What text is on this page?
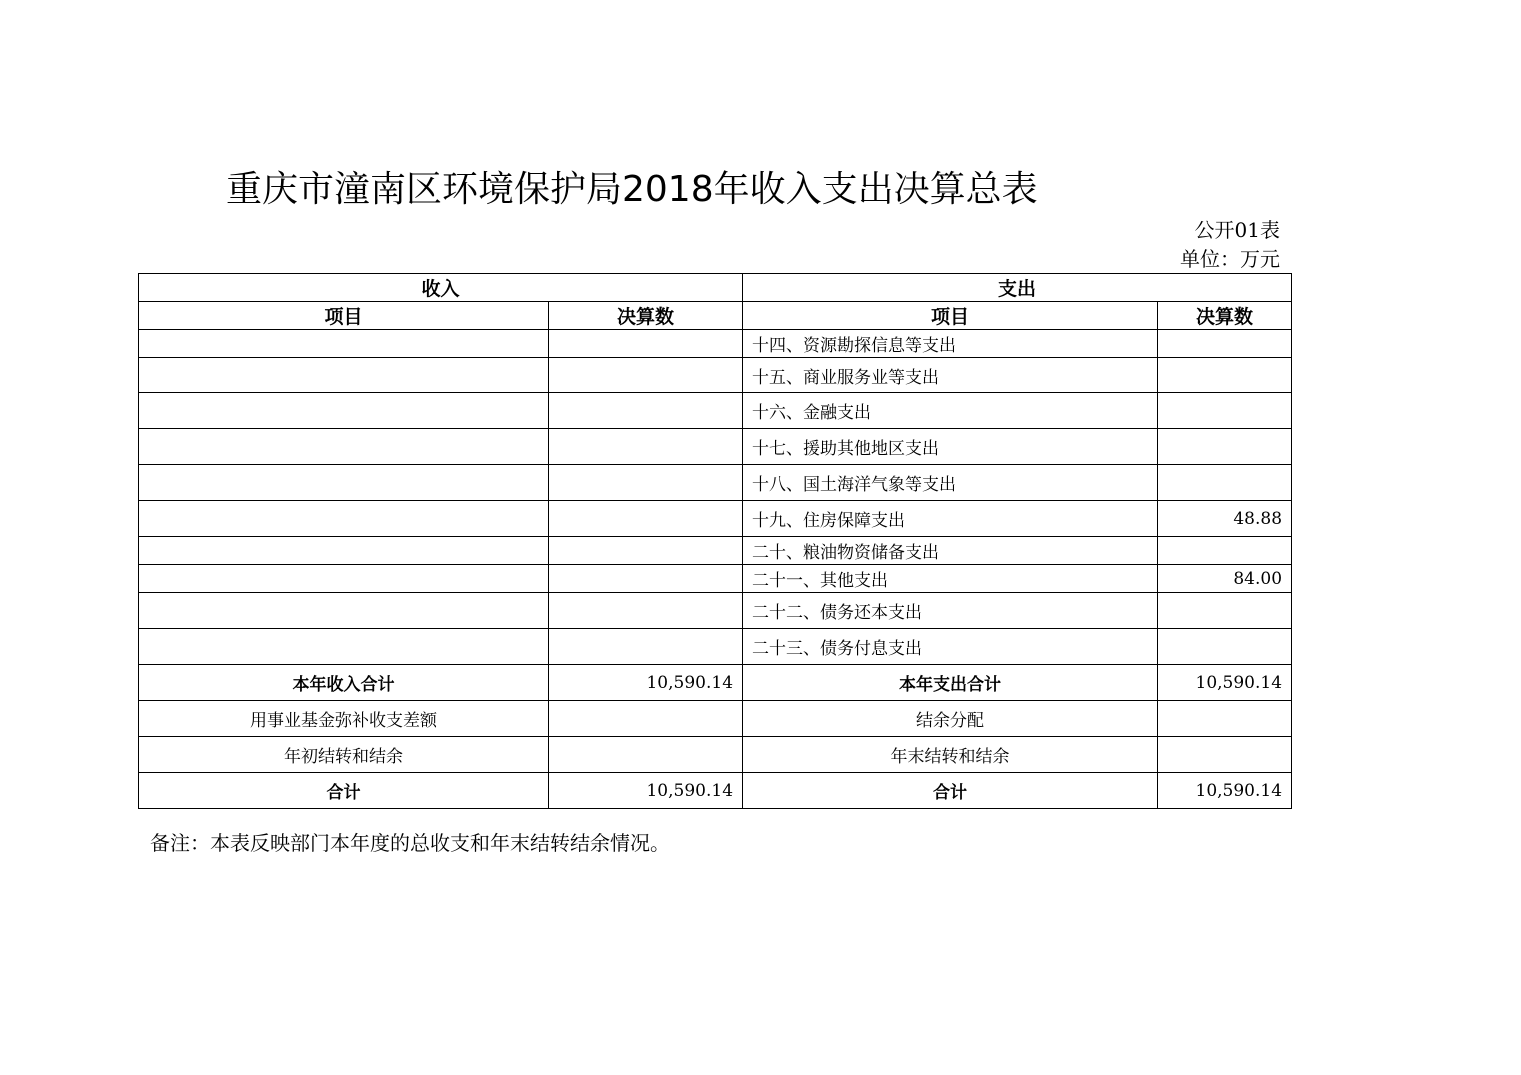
重庆市潼南区环境保护局2018年收入支出决算总表
公开01表
单位：万元
收入		支出	
项目	决算数	项目	决算数
		十四、资源勘探信息等支出	
		十五、商业服务业等支出	
		十六、金融支出	
		十七、援助其他地区支出	
		十八、国土海洋气象等支出	
		十九、住房保障支出	48.88
		二十、粮油物资储备支出	
		二十一、其他支出	84.00
		二十二、债务还本支出	
		二十三、债务付息支出	
本年收入合计	10,590.14	本年支出合计	10,590.14
用事业基金弥补收支差额		结余分配	
年初结转和结余		年末结转和结余	
合计	10,590.14	合计	10,590.14
备注：本表反映部门本年度的总收支和年末结转结余情况。
